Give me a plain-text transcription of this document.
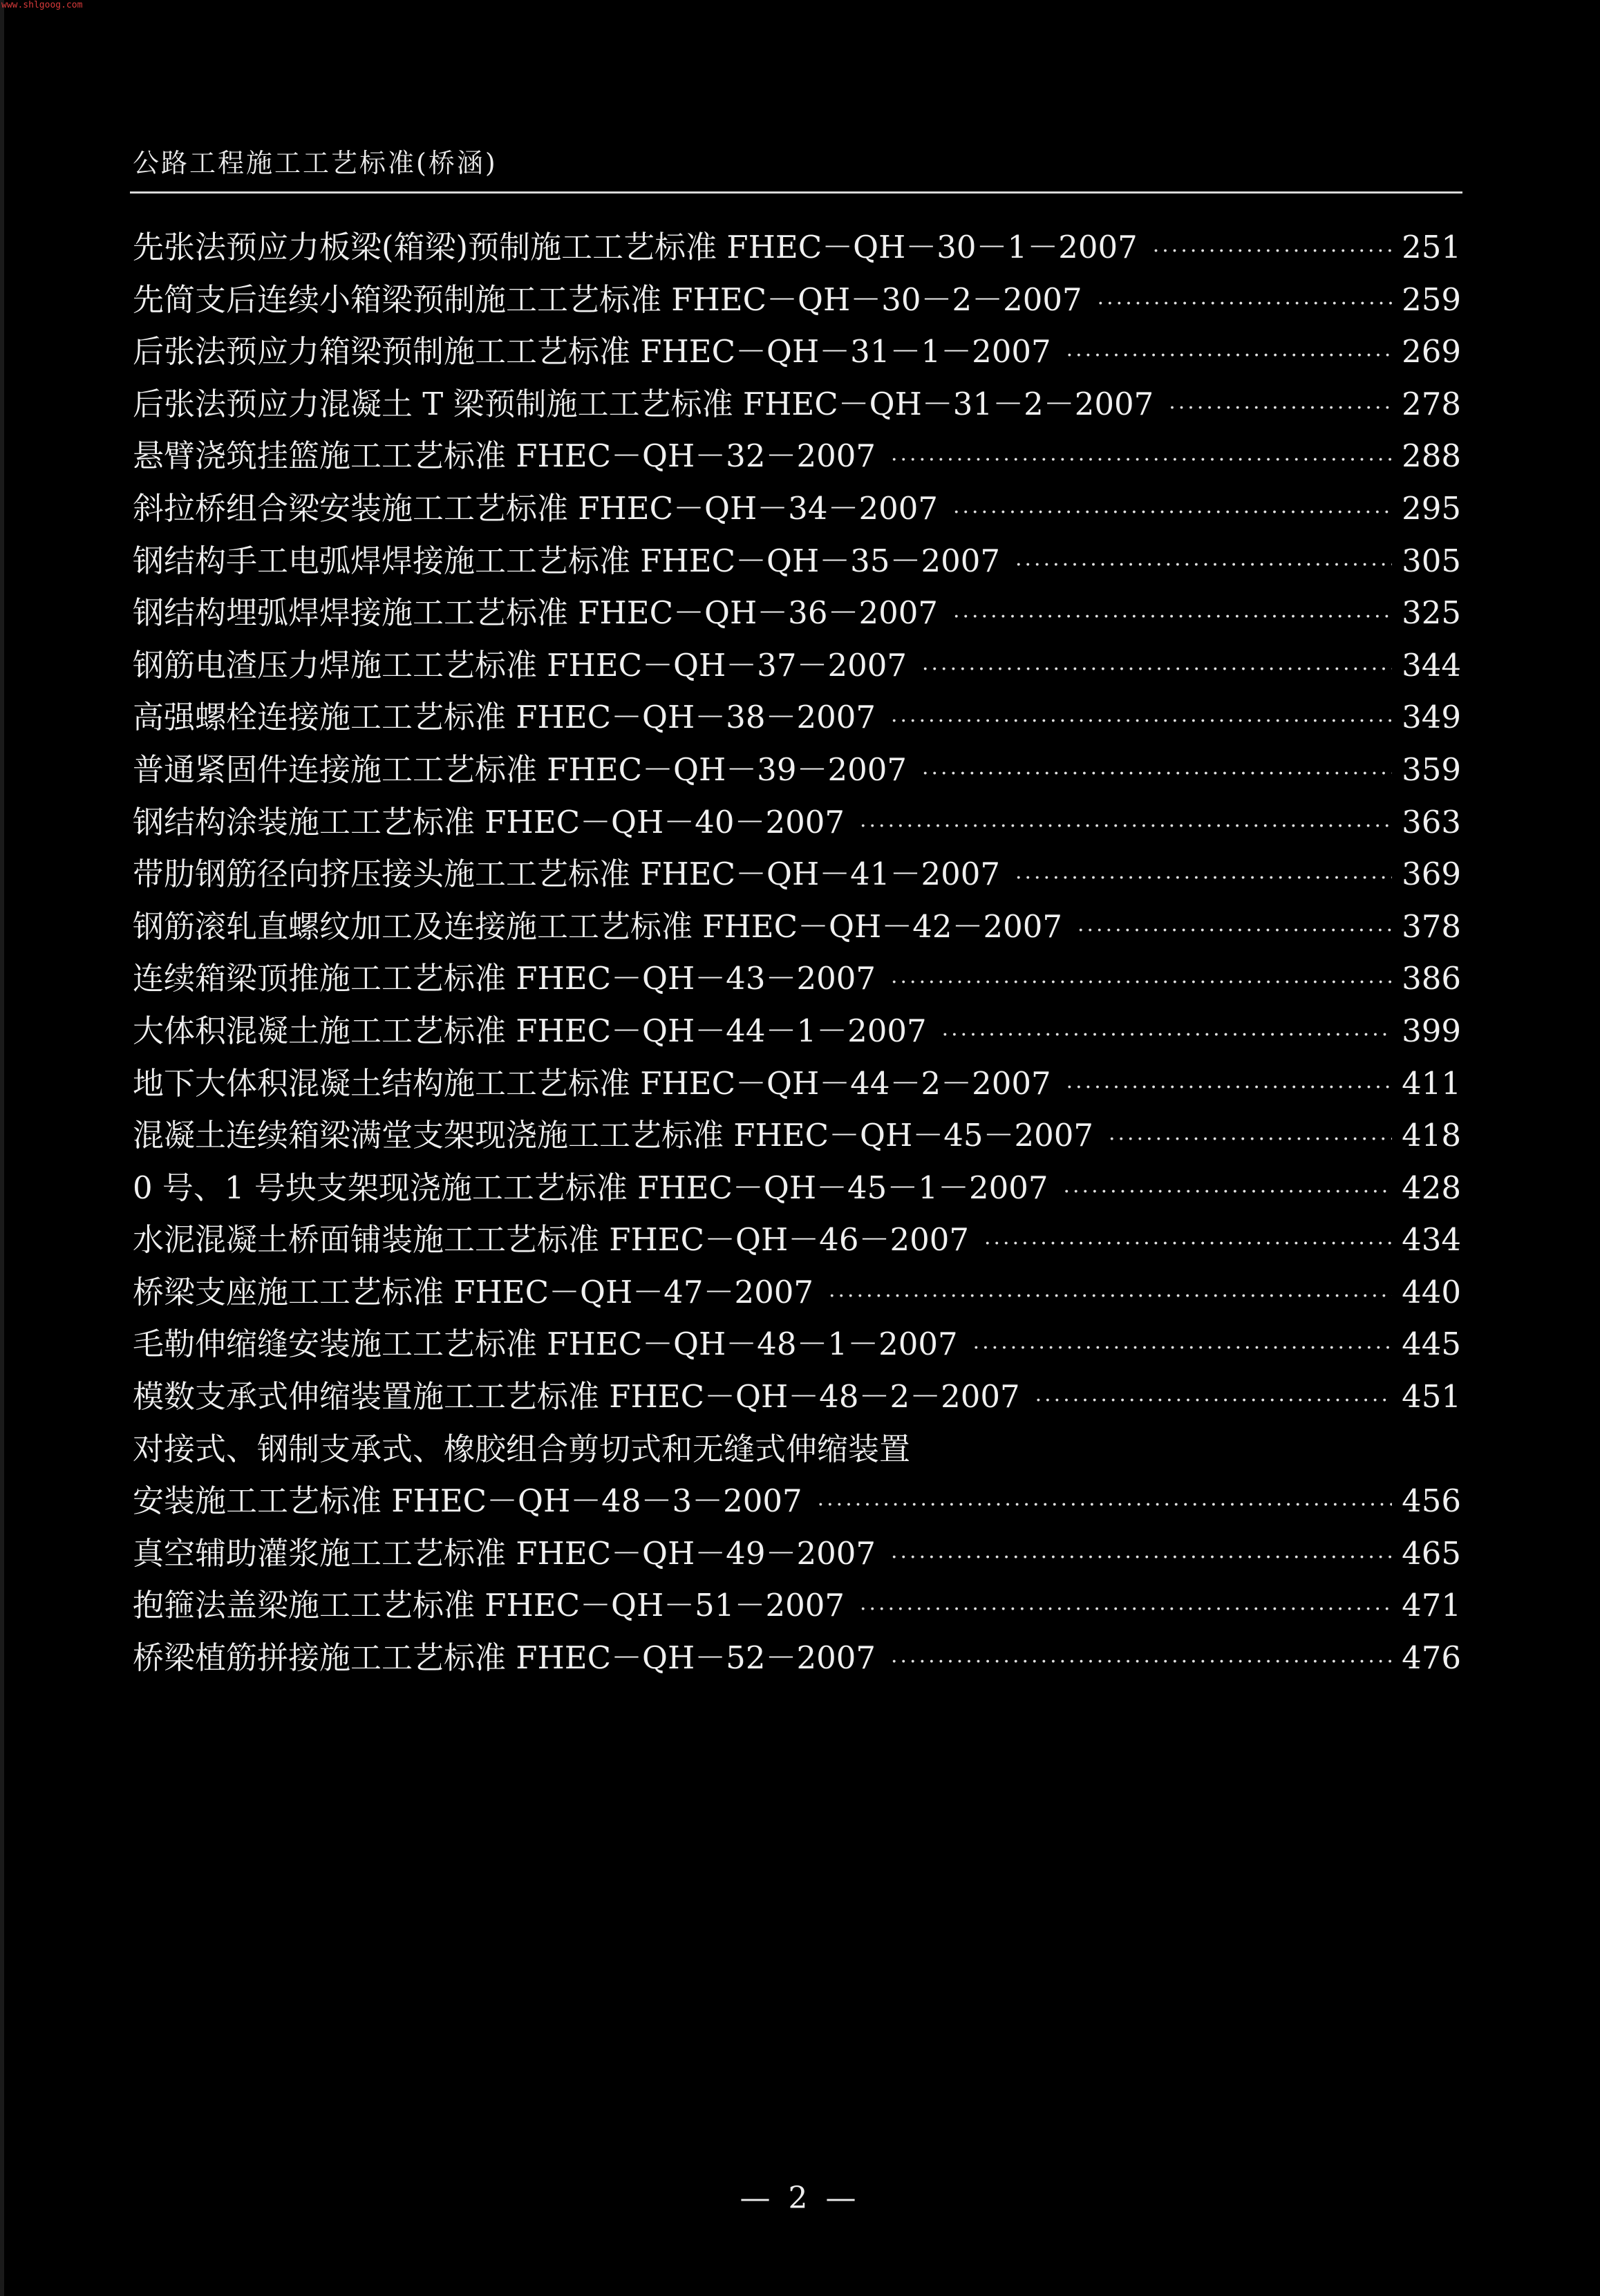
www.shlgoog.com
公路工程施工工艺标准(桥涵)
先张法预应力板梁(箱梁)预制施工工艺标准 FHEC－QH－30－1－2007 ·····	251
先简支后连续小箱梁预制施工工艺标准 FHEC－QH－30－2－2007 ·····	259
后张法预应力箱梁预制施工工艺标准 FHEC－QH－31－1－2007 ·····	269
后张法预应力混凝土 T 梁预制施工工艺标准 FHEC－QH－31－2－2007 ·····	278
悬臂浇筑挂篮施工工艺标准 FHEC－QH－32－2007 ·····	288
斜拉桥组合梁安装施工工艺标准 FHEC－QH－34－2007 ·····	295
钢结构手工电弧焊焊接施工工艺标准 FHEC－QH－35－2007 ·····	305
钢结构埋弧焊焊接施工工艺标准 FHEC－QH－36－2007 ·····	325
钢筋电渣压力焊施工工艺标准 FHEC－QH－37－2007 ·····	344
高强螺栓连接施工工艺标准 FHEC－QH－38－2007 ·····	349
普通紧固件连接施工工艺标准 FHEC－QH－39－2007 ·····	359
钢结构涂装施工工艺标准 FHEC－QH－40－2007 ·····	363
带肋钢筋径向挤压接头施工工艺标准 FHEC－QH－41－2007 ·····	369
钢筋滚轧直螺纹加工及连接施工工艺标准 FHEC－QH－42－2007 ·····	378
连续箱梁顶推施工工艺标准 FHEC－QH－43－2007 ·····	386
大体积混凝土施工工艺标准 FHEC－QH－44－1－2007 ·····	399
地下大体积混凝土结构施工工艺标准 FHEC－QH－44－2－2007 ·····	411
混凝土连续箱梁满堂支架现浇施工工艺标准 FHEC－QH－45－2007 ·····	418
0 号、1 号块支架现浇施工工艺标准 FHEC－QH－45－1－2007 ·····	428
水泥混凝土桥面铺装施工工艺标准 FHEC－QH－46－2007 ·····	434
桥梁支座施工工艺标准 FHEC－QH－47－2007 ·····	440
毛勒伸缩缝安装施工工艺标准 FHEC－QH－48－1－2007 ·····	445
模数支承式伸缩装置施工工艺标准 FHEC－QH－48－2－2007 ·····	451
对接式、钢制支承式、橡胶组合剪切式和无缝式伸缩装置
安装施工工艺标准 FHEC－QH－48－3－2007 ·····	456
真空辅助灌浆施工工艺标准 FHEC－QH－49－2007 ·····	465
抱箍法盖梁施工工艺标准 FHEC－QH－51－2007 ·····	471
桥梁植筋拼接施工工艺标准 FHEC－QH－52－2007 ·····	476
— 2 —
